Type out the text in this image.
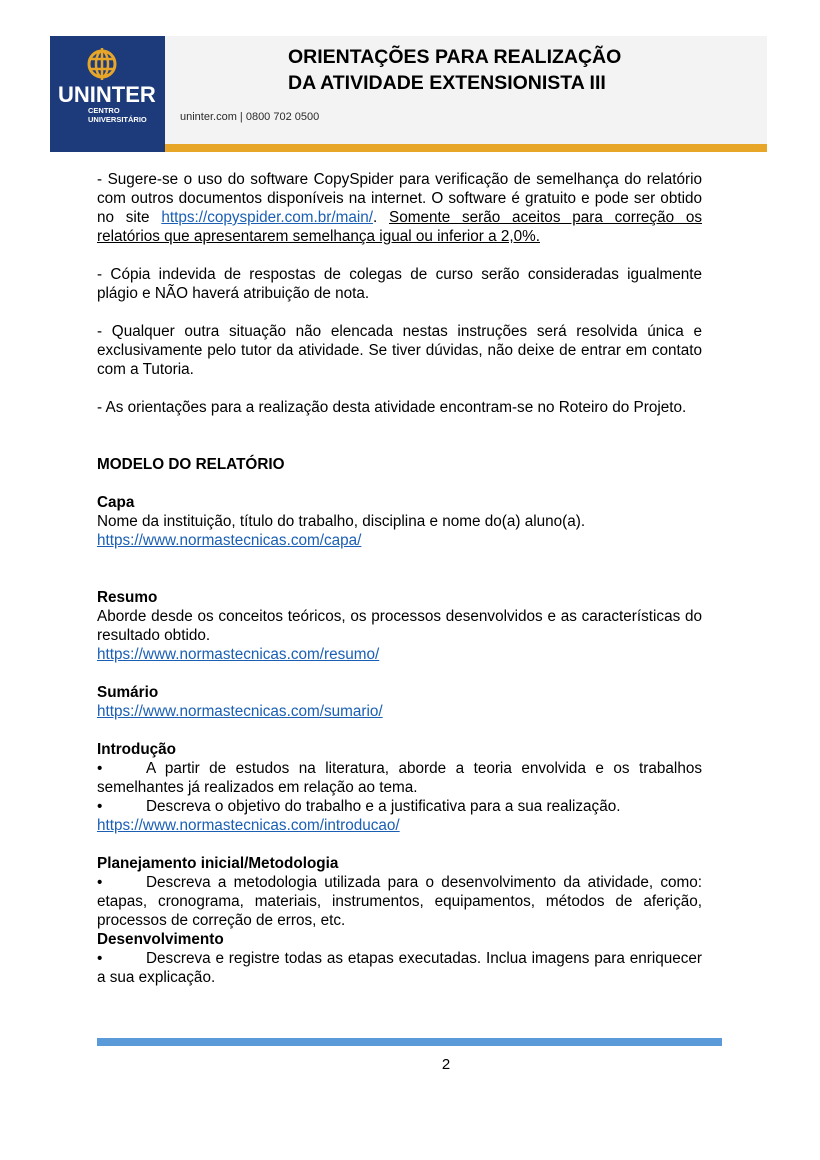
UNINTER
CENTRO
UNIVERSITÁRIO	uninter.com | 0800 702 0500
ORIENTAÇÕES PARA REALIZAÇÃO
DA ATIVIDADE EXTENSIONISTA III

- Sugere-se o uso do software CopySpider para verificação de semelhança do relatório com outros documentos disponíveis na internet. O software é gratuito e pode ser obtido no site https://copyspider.com.br/main/. Somente serão aceitos para correção os relatórios que apresentarem semelhança igual ou inferior a 2,0%.

- Cópia indevida de respostas de colegas de curso serão consideradas igualmente plágio e NÃO haverá atribuição de nota.

- Qualquer outra situação não elencada nestas instruções será resolvida única e exclusivamente pelo tutor da atividade. Se tiver dúvidas, não deixe de entrar em contato com a Tutoria.

- As orientações para a realização desta atividade encontram-se no Roteiro do Projeto.

MODELO DO RELATÓRIO

Capa

Nome da instituição, título do trabalho, disciplina e nome do(a) aluno(a).

https://www.normastecnicas.com/capa/

Resumo

Aborde desde os conceitos teóricos, os processos desenvolvidos e as características do resultado obtido.

https://www.normastecnicas.com/resumo/

Sumário

https://www.normastecnicas.com/sumario/

Introdução

•	A partir de estudos na literatura, aborde a teoria envolvida e os trabalhos semelhantes já realizados em relação ao tema.

•	Descreva o objetivo do trabalho e a justificativa para a sua realização.

https://www.normastecnicas.com/introducao/

Planejamento inicial/Metodologia

•	Descreva a metodologia utilizada para o desenvolvimento da atividade, como: etapas, cronograma, materiais, instrumentos, equipamentos, métodos de aferição, processos de correção de erros, etc.

Desenvolvimento

•	Descreva e registre todas as etapas executadas. Inclua imagens para enriquecer a sua explicação.

2
